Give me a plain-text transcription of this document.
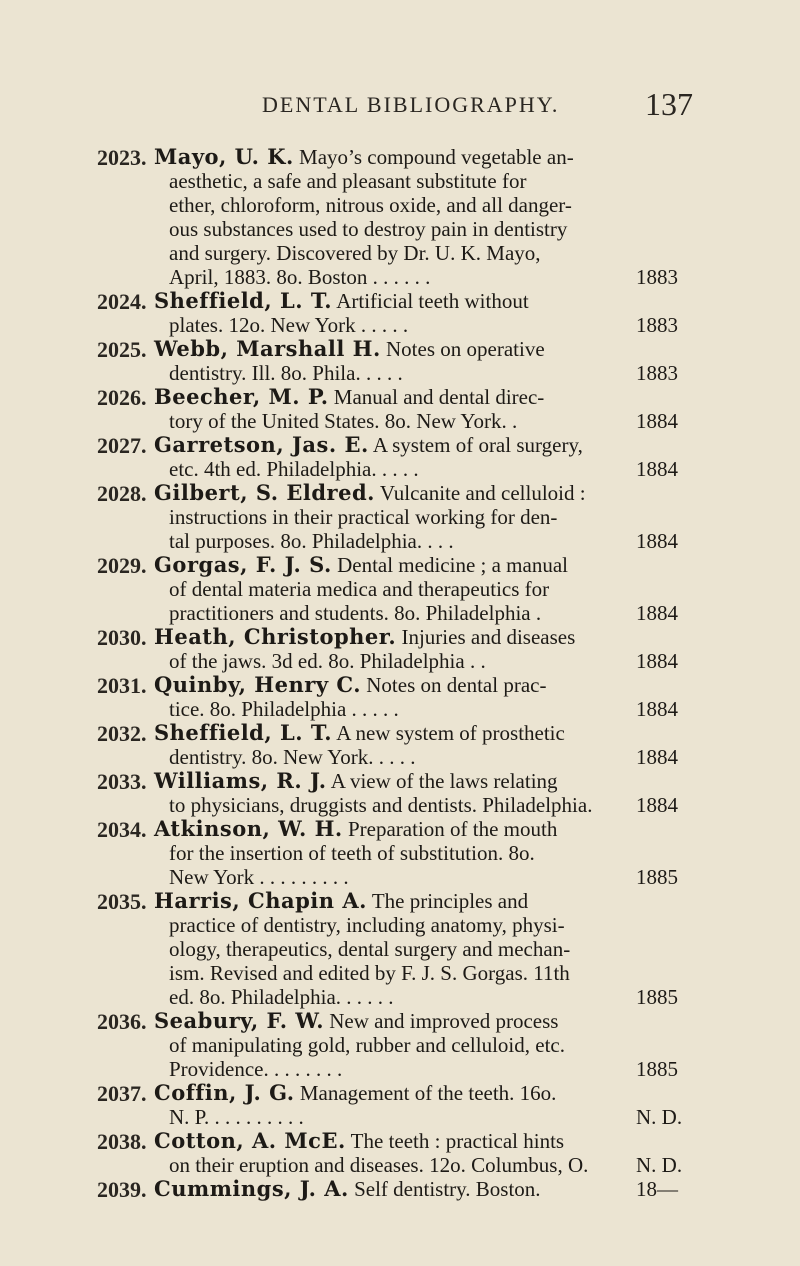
DENTAL BIBLIOGRAPHY.	137
2023. Mayo, U. K. Mayo’s compound vegetable an-
aesthetic, a safe and pleasant substitute for
ether, chloroform, nitrous oxide, and all danger-
ous substances used to destroy pain in dentistry
and surgery. Discovered by Dr. U. K. Mayo,
April, 1883. 8o. Boston . . . . . .	1883
2024. Sheffield, L. T. Artificial teeth without
plates. 12o. New York . . . . .	1883
2025. Webb, Marshall H. Notes on operative
dentistry. Ill. 8o. Phila. . . . .	1883
2026. Beecher, M. P. Manual and dental direc-
tory of the United States. 8o. New York. .	1884
2027. Garretson, Jas. E. A system of oral surgery,
etc. 4th ed. Philadelphia. . . . .	1884
2028. Gilbert, S. Eldred. Vulcanite and celluloid :
instructions in their practical working for den-
tal purposes. 8o. Philadelphia. . . .	1884
2029. Gorgas, F. J. S. Dental medicine ; a manual
of dental materia medica and therapeutics for
practitioners and students. 8o. Philadelphia .	1884
2030. Heath, Christopher. Injuries and diseases
of the jaws. 3d ed. 8o. Philadelphia . .	1884
2031. Quinby, Henry C. Notes on dental prac-
tice. 8o. Philadelphia . . . . .	1884
2032. Sheffield, L. T. A new system of prosthetic
dentistry. 8o. New York. . . . .	1884
2033. Williams, R. J. A view of the laws relating
to physicians, druggists and dentists. Philadelphia.	1884
2034. Atkinson, W. H. Preparation of the mouth
for the insertion of teeth of substitution. 8o.
New York . . . . . . . . .	1885
2035. Harris, Chapin A. The principles and
practice of dentistry, including anatomy, physi-
ology, therapeutics, dental surgery and mechan-
ism. Revised and edited by F. J. S. Gorgas. 11th
ed. 8o. Philadelphia. . . . . .	1885
2036. Seabury, F. W. New and improved process
of manipulating gold, rubber and celluloid, etc.
Providence. . . . . . . .	1885
2037. Coffin, J. G. Management of the teeth. 16o.
N. P. . . . . . . . . .	N. D.
2038. Cotton, A. McE. The teeth : practical hints
on their eruption and diseases. 12o. Columbus, O.	N. D.
2039. Cummings, J. A. Self dentistry. Boston.	18—
